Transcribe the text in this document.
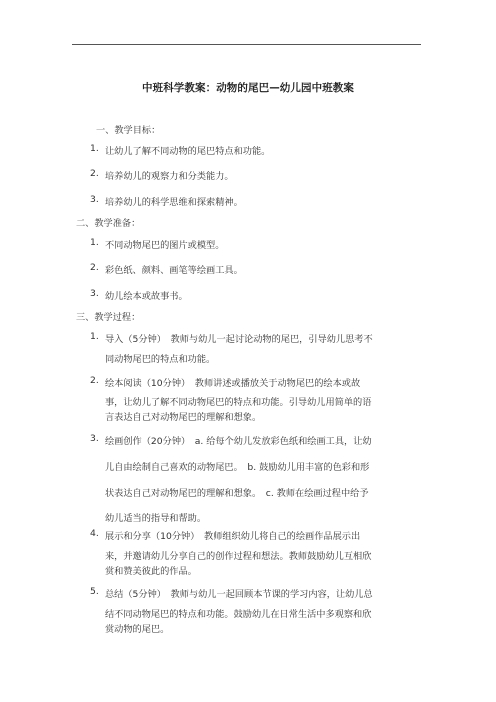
中班科学教案：动物的尾巴—幼儿园中班教案
一、教学目标：
1. 让幼儿了解不同动物的尾巴特点和功能。
2. 培养幼儿的观察力和分类能力。
3. 培养幼儿的科学思维和探索精神。
二、教学准备：
1. 不同动物尾巴的图片或模型。
2. 彩色纸、颜料、画笔等绘画工具。
3. 幼儿绘本或故事书。
三、教学过程：
1. 导入（5分钟）　教师与幼儿一起讨论动物的尾巴，引导幼儿思考不
同动物尾巴的特点和功能。
2. 绘本阅读（10分钟）　教师讲述或播放关于动物尾巴的绘本或故
事，让幼儿了解不同动物尾巴的特点和功能。引导幼儿用简单的语
言表达自己对动物尾巴的理解和想象。
3. 绘画创作（20分钟）　a. 给每个幼儿发放彩色纸和绘画工具，让幼
儿自由绘制自己喜欢的动物尾巴。　b. 鼓励幼儿用丰富的色彩和形
状表达自己对动物尾巴的理解和想象。　c. 教师在绘画过程中给予
幼儿适当的指导和帮助。
4. 展示和分享（10分钟）　教师组织幼儿将自己的绘画作品展示出
来，并邀请幼儿分享自己的创作过程和想法。教师鼓励幼儿互相欣
赏和赞美彼此的作品。
5. 总结（5分钟）　教师与幼儿一起回顾本节课的学习内容，让幼儿总
结不同动物尾巴的特点和功能。鼓励幼儿在日常生活中多观察和欣
赏动物的尾巴。
